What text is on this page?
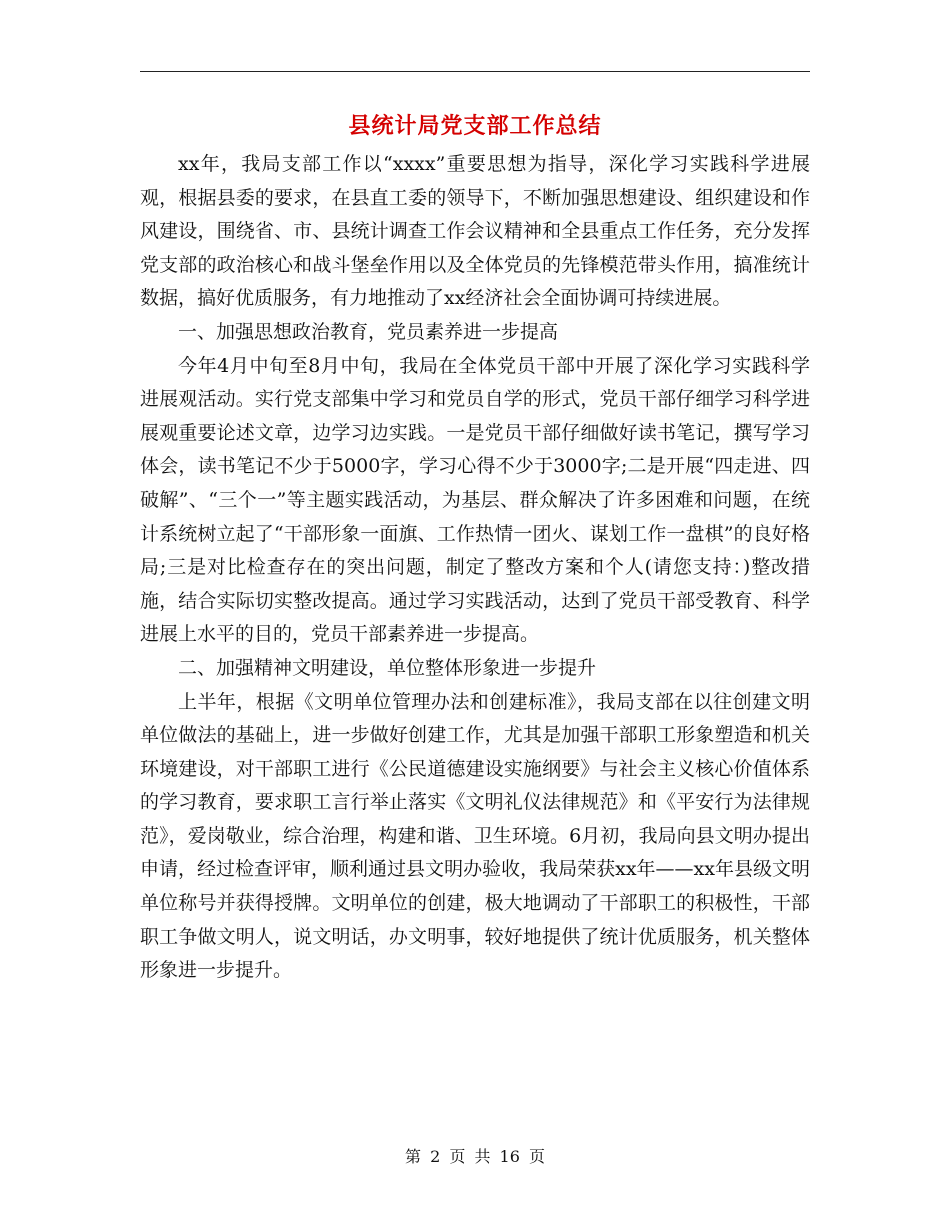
县统计局党支部工作总结

xx年，我局支部工作以“xxxx”重要思想为指导，深化学习实践科学进展观，根据县委的要求，在县直工委的领导下，不断加强思想建设、组织建设和作风建设，围绕省、市、县统计调查工作会议精神和全县重点工作任务，充分发挥党支部的政治核心和战斗堡垒作用以及全体党员的先锋模范带头作用，搞准统计数据，搞好优质服务，有力地推动了xx经济社会全面协调可持续进展。

一、加强思想政治教育，党员素养进一步提高

今年4月中旬至8月中旬，我局在全体党员干部中开展了深化学习实践科学进展观活动。实行党支部集中学习和党员自学的形式，党员干部仔细学习科学进展观重要论述文章，边学习边实践。一是党员干部仔细做好读书笔记，撰写学习体会，读书笔记不少于5000字，学习心得不少于3000字;二是开展“四走进、四破解”、“三个一”等主题实践活动，为基层、群众解决了许多困难和问题，在统计系统树立起了“干部形象一面旗、工作热情一团火、谋划工作一盘棋”的良好格局;三是对比检查存在的突出问题，制定了整改方案和个人(请您支持：)整改措施，结合实际切实整改提高。通过学习实践活动，达到了党员干部受教育、科学进展上水平的目的，党员干部素养进一步提高。

二、加强精神文明建设，单位整体形象进一步提升

上半年，根据《文明单位管理办法和创建标准》，我局支部在以往创建文明单位做法的基础上，进一步做好创建工作，尤其是加强干部职工形象塑造和机关环境建设，对干部职工进行《公民道德建设实施纲要》与社会主义核心价值体系的学习教育，要求职工言行举止落实《文明礼仪法律规范》和《平安行为法律规范》，爱岗敬业，综合治理，构建和谐、卫生环境。6月初，我局向县文明办提出申请，经过检查评审，顺利通过县文明办验收，我局荣获xx年——xx年县级文明单位称号并获得授牌。文明单位的创建，极大地调动了干部职工的积极性，干部职工争做文明人，说文明话，办文明事，较好地提供了统计优质服务，机关整体形象进一步提升。

第 2 页 共 16 页
